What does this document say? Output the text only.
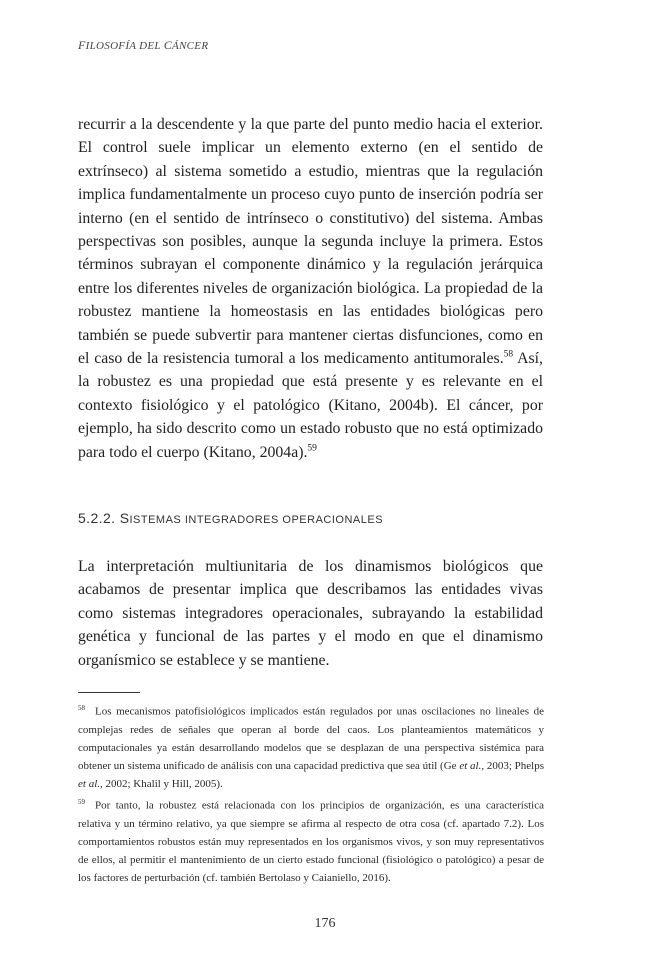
FILOSOFÍA DEL CÁNCER

recurrir a la descendente y la que parte del punto medio hacia el exterior. El control suele implicar un elemento externo (en el sentido de extrínseco) al sistema sometido a estudio, mientras que la regulación implica fundamentalmente un proceso cuyo punto de inserción podría ser interno (en el sentido de intrínseco o constitutivo) del sistema. Ambas perspectivas son posibles, aunque la segunda incluye la primera. Estos términos subrayan el componente dinámico y la regulación jerárquica entre los diferentes niveles de organización biológica. La propiedad de la robustez mantiene la homeostasis en las entidades biológicas pero también se puede subvertir para mantener ciertas disfunciones, como en el caso de la resistencia tumoral a los medicamento antitumorales.$^{58}$ Así, la robustez es una propiedad que está presente y es relevante en el contexto fisiológico y el patológico (Kitano, 2004b). El cáncer, por ejemplo, ha sido descrito como un estado robusto que no está optimizado para todo el cuerpo (Kitano, 2004a).$^{59}$

5.2.2. SISTEMAS INTEGRADORES OPERACIONALES

La interpretación multiunitaria de los dinamismos biológicos que acabamos de presentar implica que describamos las entidades vivas como sistemas integradores operacionales, subrayando la estabilidad genética y funcional de las partes y el modo en que el dinamismo organísmico se establece y se mantiene.

$^{58}$ Los mecanismos patofisiológicos implicados están regulados por unas oscilaciones no lineales de complejas redes de señales que operan al borde del caos. Los planteamientos matemáticos y computacionales ya están desarrollando modelos que se desplazan de una perspectiva sistémica para obtener un sistema unificado de análisis con una capacidad predictiva que sea útil (Ge et al., 2003; Phelps et al., 2002; Khalil y Hill, 2005).

$^{59}$ Por tanto, la robustez está relacionada con los principios de organización, es una característica relativa y un término relativo, ya que siempre se afirma al respecto de otra cosa (cf. apartado 7.2). Los comportamientos robustos están muy representados en los organismos vivos, y son muy representativos de ellos, al permitir el mantenimiento de un cierto estado funcional (fisiológico o patológico) a pesar de los factores de perturbación (cf. también Bertolaso y Caianiello, 2016).

176
